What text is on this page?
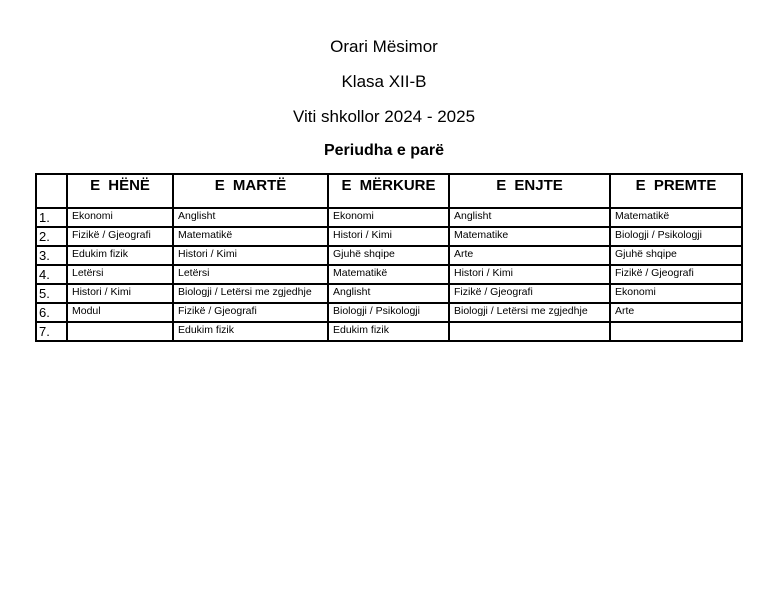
Orari Mësimor
Klasa XII-B
Viti shkollor 2024 - 2025
Periudha e parë
	E HËNË	E MARTË	E MËRKURE	E ENJTE	E PREMTE
1.	Ekonomi	Anglisht	Ekonomi	Anglisht	Matematikë
2.	Fizikë / Gjeografi	Matematikë	Histori / Kimi	Matematike	Biologji / Psikologji
3.	Edukim fizik	Histori / Kimi	Gjuhë shqipe	Arte	Gjuhë shqipe
4.	Letërsi	Letërsi	Matematikë	Histori / Kimi	Fizikë / Gjeografi
5.	Histori / Kimi	Biologji / Letërsi me zgjedhje	Anglisht	Fizikë / Gjeografi	Ekonomi
6.	Modul	Fizikë / Gjeografi	Biologji / Psikologji	Biologji / Letërsi me zgjedhje	Arte
7.		Edukim fizik	Edukim fizik		
